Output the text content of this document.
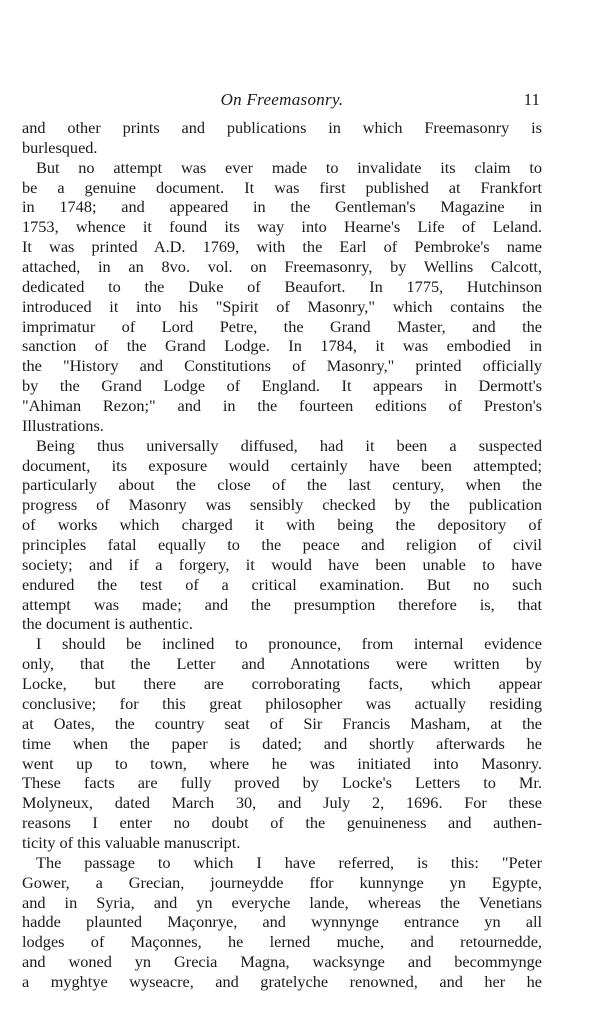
On Freemasonry.	11
and other prints and publications in which Freemasonry is
burlesqued.
But no attempt was ever made to invalidate its claim to
be a genuine document. It was first published at Frankfort
in 1748; and appeared in the Gentleman's Magazine in
1753, whence it found its way into Hearne's Life of Leland.
It was printed A.D. 1769, with the Earl of Pembroke's name
attached, in an 8vo. vol. on Freemasonry, by Wellins Calcott,
dedicated to the Duke of Beaufort. In 1775, Hutchinson
introduced it into his "Spirit of Masonry," which contains the
imprimatur of Lord Petre, the Grand Master, and the
sanction of the Grand Lodge. In 1784, it was embodied in
the "History and Constitutions of Masonry," printed officially
by the Grand Lodge of England. It appears in Dermott's
"Ahiman Rezon;" and in the fourteen editions of Preston's
Illustrations.
Being thus universally diffused, had it been a suspected
document, its exposure would certainly have been attempted;
particularly about the close of the last century, when the
progress of Masonry was sensibly checked by the publication
of works which charged it with being the depository of
principles fatal equally to the peace and religion of civil
society; and if a forgery, it would have been unable to have
endured the test of a critical examination. But no such
attempt was made; and the presumption therefore is, that
the document is authentic.
I should be inclined to pronounce, from internal evidence
only, that the Letter and Annotations were written by
Locke, but there are corroborating facts, which appear
conclusive; for this great philosopher was actually residing
at Oates, the country seat of Sir Francis Masham, at the
time when the paper is dated; and shortly afterwards he
went up to town, where he was initiated into Masonry.
These facts are fully proved by Locke's Letters to Mr.
Molyneux, dated March 30, and July 2, 1696. For these
reasons I enter no doubt of the genuineness and authen-
ticity of this valuable manuscript.
The passage to which I have referred, is this: "Peter
Gower, a Grecian, journeydde ffor kunnynge yn Egypte,
and in Syria, and yn everyche lande, whereas the Venetians
hadde plaunted Maçonrye, and wynnynge entrance yn all
lodges of Maçonnes, he lerned muche, and retournedde,
and woned yn Grecia Magna, wacksynge and becommynge
a myghtye wyseacre, and gratelyche renowned, and her he
